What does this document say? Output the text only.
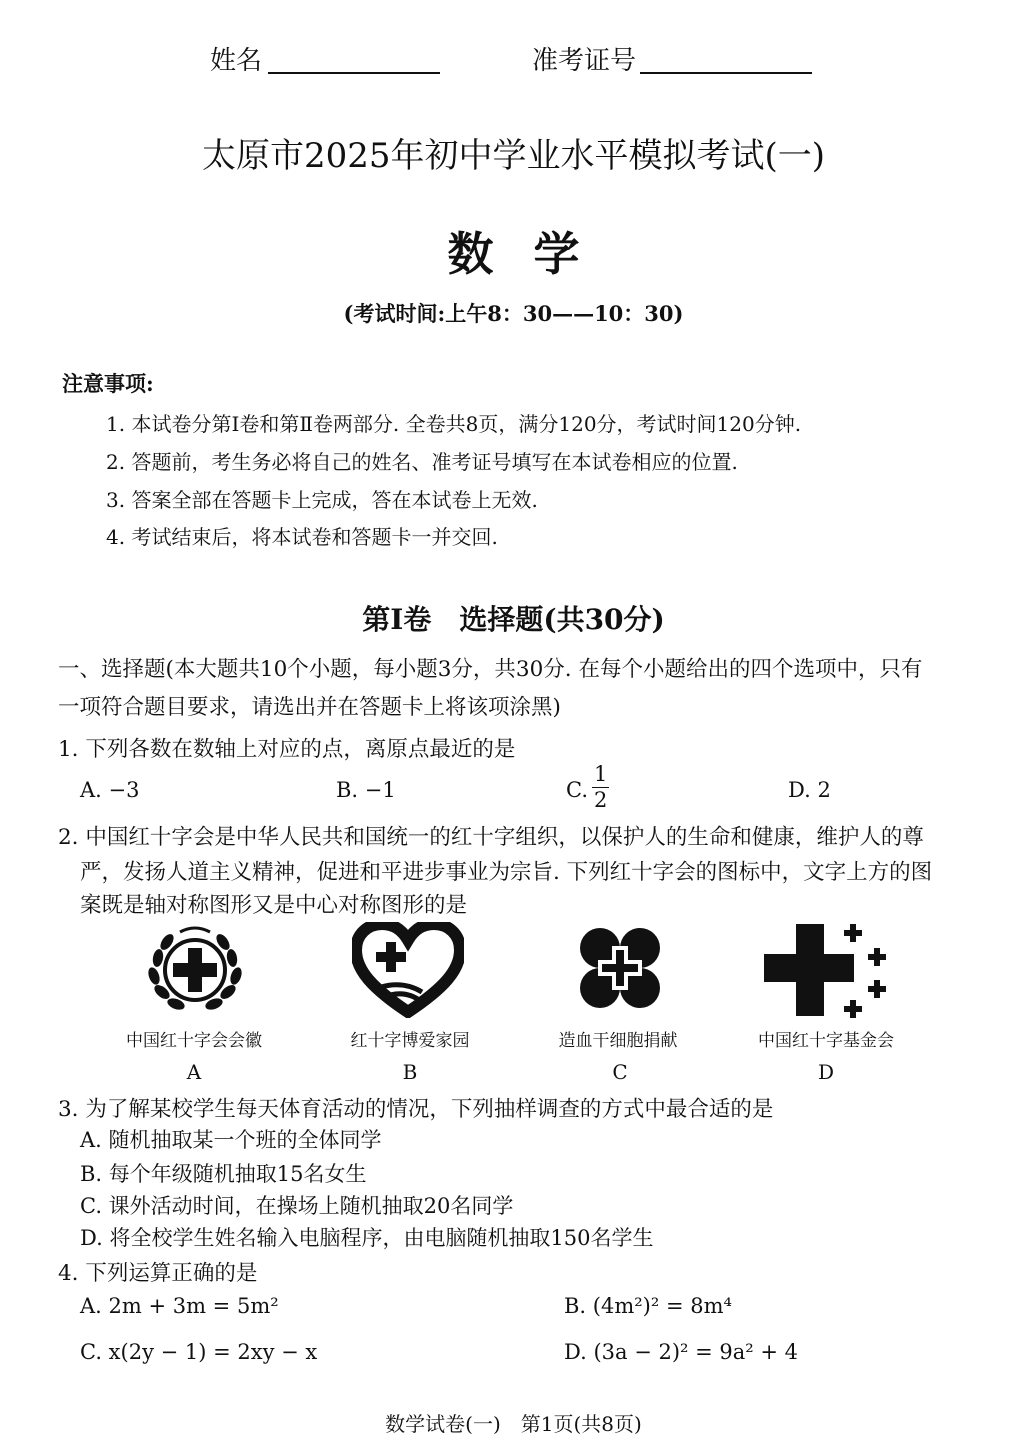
姓名	准考证号
太原市2025年初中学业水平模拟考试(一)
数学
(考试时间:上午8：30——10：30)
注意事项:
1. 本试卷分第Ⅰ卷和第Ⅱ卷两部分. 全卷共8页，满分120分，考试时间120分钟.
2. 答题前，考生务必将自己的姓名、准考证号填写在本试卷相应的位置.
3. 答案全部在答题卡上完成，答在本试卷上无效.
4. 考试结束后，将本试卷和答题卡一并交回.
第Ⅰ卷　选择题(共30分)
一、选择题(本大题共10个小题，每小题3分，共30分. 在每个小题给出的四个选项中，只有
一项符合题目要求，请选出并在答题卡上将该项涂黑)
1. 下列各数在数轴上对应的点，离原点最近的是
A. −3	B. −1	C. $\frac{1}{2}$	D. 2
2. 中国红十字会是中华人民共和国统一的红十字组织，以保护人的生命和健康，维护人的尊
严，发扬人道主义精神，促进和平进步事业为宗旨. 下列红十字会的图标中，文字上方的图
案既是轴对称图形又是中心对称图形的是
中国红十字会会徽	红十字博爱家园	造血干细胞捐献	中国红十字基金会
A	B	C	D
3. 为了解某校学生每天体育活动的情况，下列抽样调查的方式中最合适的是
A. 随机抽取某一个班的全体同学
B. 每个年级随机抽取15名女生
C. 课外活动时间，在操场上随机抽取20名同学
D. 将全校学生姓名输入电脑程序，由电脑随机抽取150名学生
4. 下列运算正确的是
A. 2m + 3m = 5m²	B. (4m²)² = 8m⁴
C. x(2y − 1) = 2xy − x	D. (3a − 2)² = 9a² + 4
数学试卷(一)　第1页(共8页)
